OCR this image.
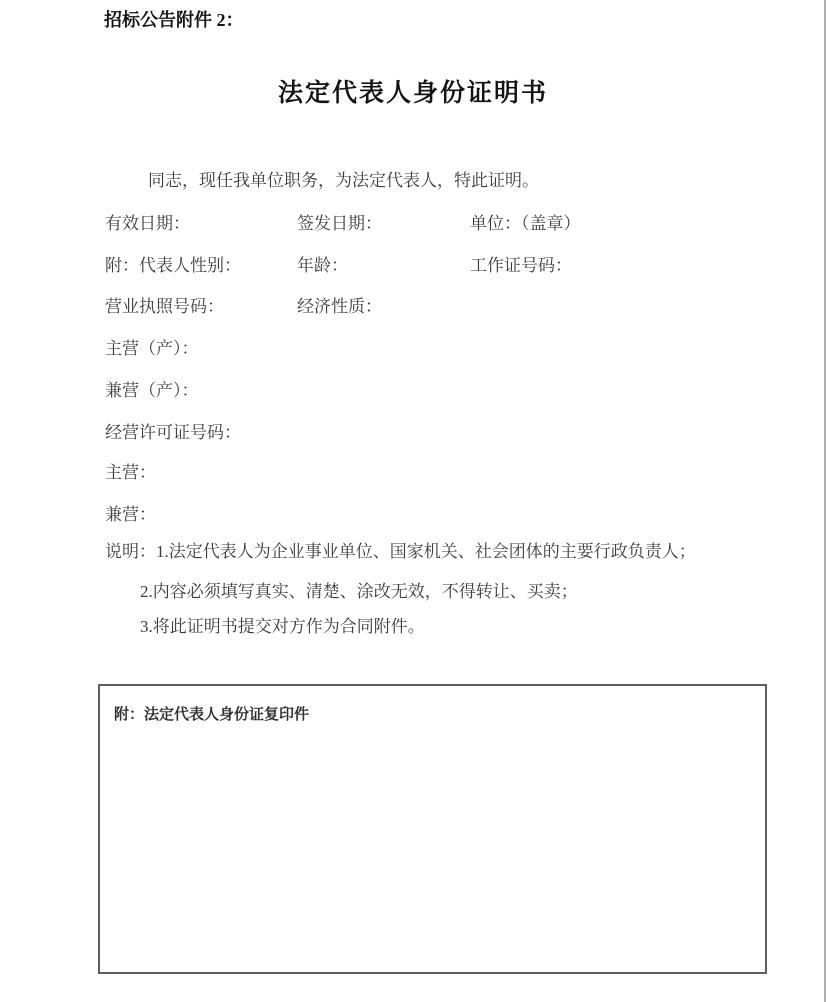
招标公告附件 2：
法定代表人身份证明书
同志，现任我单位职务，为法定代表人，特此证明。
有效日期：	签发日期：	单位：（盖章）
附：代表人性别：	年龄：	工作证号码：
营业执照号码：	经济性质：
主营（产）：
兼营（产）：
经营许可证号码：
主营：
兼营：
说明：1.法定代表人为企业事业单位、国家机关、社会团体的主要行政负责人；
2.内容必须填写真实、清楚、涂改无效，不得转让、买卖；
3.将此证明书提交对方作为合同附件。
附：法定代表人身份证复印件
